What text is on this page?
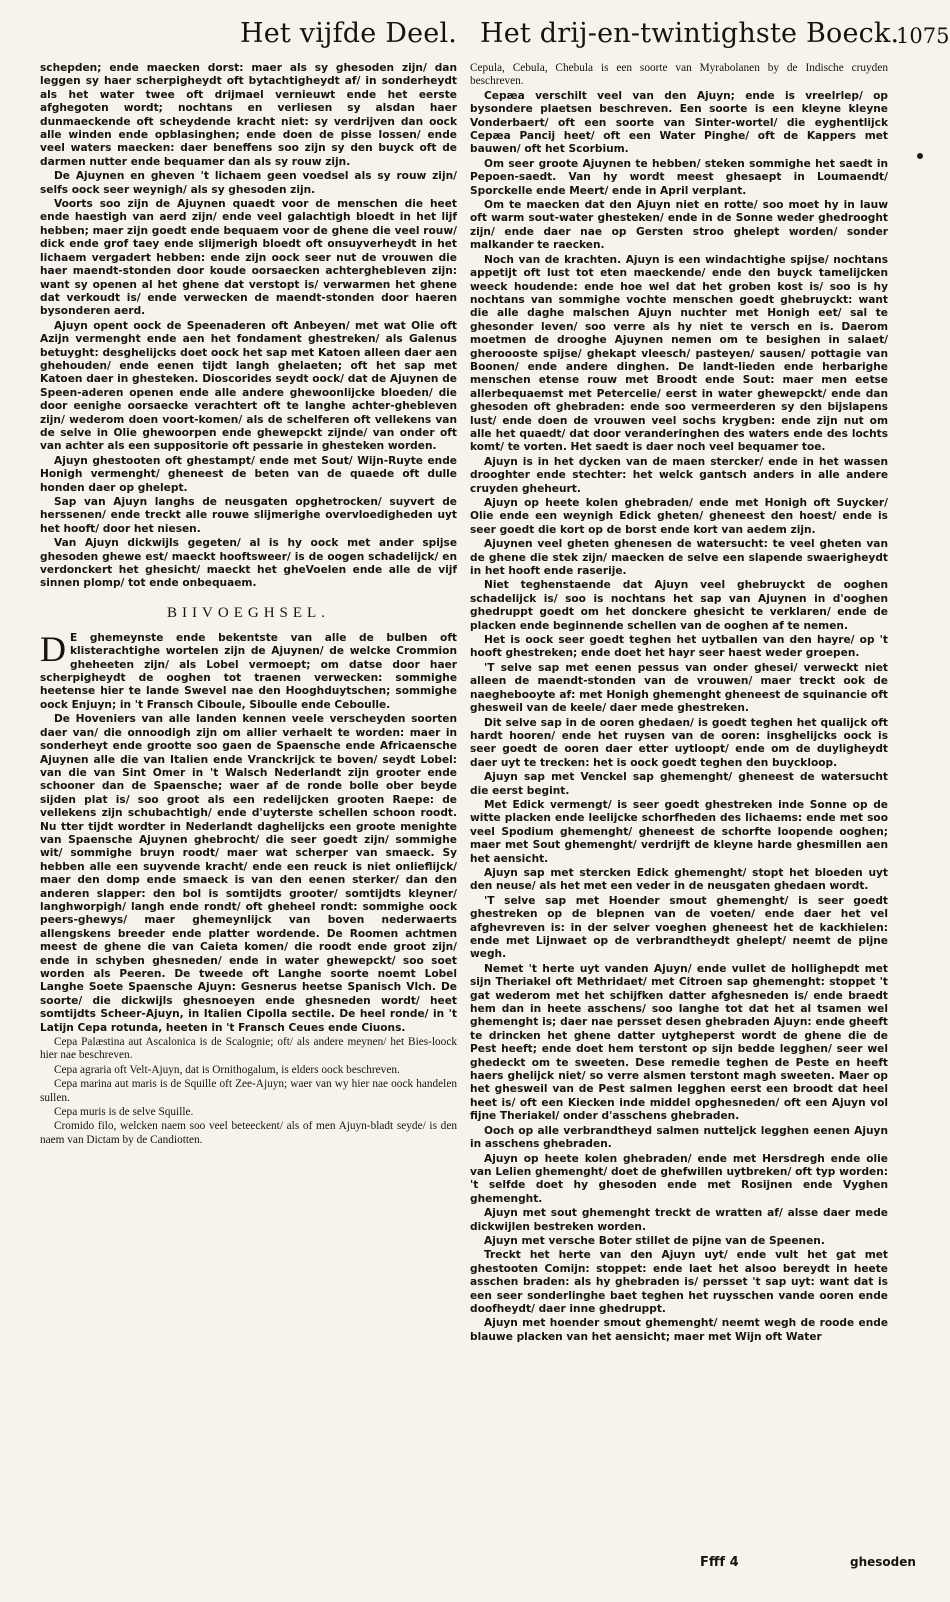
Het vijfde Deel. Het drij-en-twintighste Boeck.
1075

schepden; ende maecken dorst: maer als sy ghesoden zijn/ dan leggen sy haer scherpigheydt oft bytachtigheydt af/ in sonderheydt als het water twee oft drijmael vernieuwt ende het eerste afghegoten wordt; nochtans en verliesen sy alsdan haer dunmaeckende oft scheydende kracht niet: sy verdrijven dan oock alle winden ende opblasinghen; ende doen de pisse lossen/ ende veel waters maecken: daer beneffens soo zijn sy den buyck oft de darmen nutter ende bequamer dan als sy rouw zijn.

De Ajuynen en gheven 't lichaem geen voedsel als sy rouw zijn/ selfs oock seer weynigh/ als sy ghesoden zijn.

Voorts soo zijn de Ajuynen quaedt voor de menschen die heet ende haestigh van aerd zijn/ ende veel galachtigh bloedt in het lijf hebben; maer zijn goedt ende bequaem voor de ghene die veel rouw/ dick ende grof taey ende slijmerigh bloedt oft onsuyverheydt in het lichaem vergadert hebben: ende zijn oock seer nut de vrouwen die haer maendt-stonden door koude oorsaecken achterghebleven zijn: want sy openen al het ghene dat verstopt is/ verwarmen het ghene dat verkoudt is/ ende verwecken de maendt-stonden door haeren bysonderen aerd.

Ajuyn opent oock de Speenaderen oft Anbeyen/ met wat Olie oft Azijn vermenght ende aen het fondament ghestreken/ als Galenus betuyght: desghelijcks doet oock het sap met Katoen alleen daer aen ghehouden/ ende eenen tijdt langh ghelaeten; oft het sap met Katoen daer in ghesteken. Dioscorides seydt oock/ dat de Ajuynen de Speen-aderen openen ende alle andere ghewoonlijcke bloeden/ die door eenighe oorsaecke verachtert oft te langhe achter-ghebleven zijn/ wederom doen voort-komen/ als de schelferen oft vellekens van de selve in Olie ghewoorpen ende ghewepckt zijnde/ van onder oft van achter als een suppositorie oft pessarie in ghesteken worden.

Ajuyn ghestooten oft ghestampt/ ende met Sout/ Wijn-Ruyte ende Honigh vermenght/ gheneest de beten van de quaede oft dulle honden daer op ghelept.

Sap van Ajuyn langhs de neusgaten opghetrocken/ suyvert de herssenen/ ende treckt alle rouwe slijmerighe overvloedigheden uyt het hooft/ door het niesen.

Van Ajuyn dickwijls gegeten/ al is hy oock met ander spijse ghesoden ghewe est/ maeckt hooftsweer/ is de oogen schadelijck/ en verdonckert het ghesicht/ maeckt het gheVoelen ende alle de vijf sinnen plomp/ tot ende onbequaem.

BIIVOEGHSEL.
D E ghemeynste ende bekentste van alle de bulben oft klisterachtighe wortelen zijn de Ajuynen/ de welcke Crommion gheheeten zijn/ als Lobel vermoept; om datse door haer scherpigheydt de ooghen tot traenen verwecken: sommighe heetense hier te lande Swevel nae den Hooghduytschen; sommighe oock Enjuyn; in 't Fransch Ciboule, Siboulle ende Ceboulle.

De Hoveniers van alle landen kennen veele verscheyden soorten daer van/ die onnoodigh zijn om allier verhaelt te worden: maer in sonderheyt ende grootte soo gaen de Spaensche ende Africaensche Ajuynen alle die van Italien ende Vranckrijck te boven/ seydt Lobel: van die van Sint Omer in 't Walsch Nederlandt zijn grooter ende schooner dan de Spaensche; waer af de ronde bolle ober beyde sijden plat is/ soo groot als een redelijcken grooten Raepe: de vellekens zijn schubachtigh/ ende d'uyterste schellen schoon roodt. Nu tter tijdt wordter in Nederlandt daghelijcks een groote menighte van Spaensche Ajuynen ghebrocht/ die seer goedt zijn/ sommighe wit/ sommighe bruyn roodt/ maer wat scherper van smaeck. Sy hebben alle een suyvende kracht/ ende een reuck is niet onlieflijck/ maer den domp ende smaeck is van den eenen sterker/ dan den anderen slapper: den bol is somtijdts grooter/ somtijdts kleyner/ langhworpigh/ langh ende rondt/ oft gheheel rondt: sommighe oock peers-ghewys/ maer ghemeynlijck van boven nederwaerts allengskens breeder ende platter wordende. De Roomen achtmen meest de ghene die van Caieta komen/ die roodt ende groot zijn/ ende in schyben ghesneden/ ende in water ghewepckt/ soo soet worden als Peeren. De tweede oft Langhe soorte noemt Lobel Langhe Soete Spaensche Ajuyn: Gesnerus heetse Spanisch Vlch. De soorte/ die dickwijls ghesnoeyen ende ghesneden wordt/ heet somtijdts Scheer-Ajuyn, in Italien Cipolla sectile. De heel ronde/ in 't Latijn Cepa rotunda, heeten in 't Fransch Ceues ende Ciuons.

Cepa Palæstina aut Ascalonica is de Scalognie; oft/ als andere meynen/ het Bies-loock hier nae beschreven.

Cepa agraria oft Velt-Ajuyn, dat is Ornithogalum, is elders oock beschreven.

Cepa marina aut maris is de Squille oft Zee-Ajuyn; waer van wy hier nae oock handelen sullen.

Cepa muris is de selve Squille.

Cromido filo, welcken naem soo veel beteeckent/ als of men Ajuyn-bladt seyde/ is den naem van Dictam by de Candiotten.

Cepula, Cebula, Chebula is een soorte van Myrabolanen by de Indische cruyden beschreven.

Cepæa verschilt veel van den Ajuyn; ende is vreelrlep/ op bysondere plaetsen beschreven. Een soorte is een kleyne kleyne Vonderbaert/ oft een soorte van Sinter-wortel/ die eyghentlijck Cepæa Pancij heet/ oft een Water Pinghe/ oft de Kappers met bauwen/ oft het Scorbium.

Om seer groote Ajuynen te hebben/ steken sommighe het saedt in Pepoen-saedt. Van hy wordt meest ghesaept in Loumaendt/ Sporckelle ende Meert/ ende in April verplant.

Om te maecken dat den Ajuyn niet en rotte/ soo moet hy in lauw oft warm sout-water ghesteken/ ende in de Sonne weder ghedrooght zijn/ ende daer nae op Gersten stroo ghelept worden/ sonder malkander te raecken.

Noch van de krachten. Ajuyn is een windachtighe spijse/ nochtans appetijt oft lust tot eten maeckende/ ende den buyck tamelijcken weeck houdende: ende hoe wel dat het groben kost is/ soo is hy nochtans van sommighe vochte menschen goedt ghebruyckt: want die alle daghe malschen Ajuyn nuchter met Honigh eet/ sal te ghesonder leven/ soo verre als hy niet te versch en is. Daerom moetmen de drooghe Ajuynen nemen om te besighen in salaet/ gheroooste spijse/ ghekapt vleesch/ pasteyen/ sausen/ pottagie van Boonen/ ende andere dinghen. De landt-lieden ende herbarighe menschen etense rouw met Broodt ende Sout: maer men eetse allerbequaemst met Petercelie/ eerst in water ghewepckt/ ende dan ghesoden oft ghebraden: ende soo vermeerderen sy den bijslapens lust/ ende doen de vrouwen veel sochs krygben: ende zijn nut om alle het quaedt/ dat door veranderinghen des waters ende des lochts komt/ te vorten. Het saedt is daer noch veel bequamer toe.

Ajuyn is in het dycken van de maen stercker/ ende in het wassen drooghter ende stechter: het welck gantsch anders in alle andere cruyden gheheurt.

Ajuyn op heete kolen ghebraden/ ende met Honigh oft Suycker/ Olie ende een weynigh Edick gheten/ gheneest den hoest/ ende is seer goedt die kort op de borst ende kort van aedem zijn.

Ajuynen veel gheten ghenesen de watersucht: te veel gheten van de ghene die stek zijn/ maecken de selve een slapende swaerigheydt in het hooft ende raserije.

Niet teghenstaende dat Ajuyn veel ghebruyckt de ooghen schadelijck is/ soo is nochtans het sap van Ajuynen in d'ooghen ghedruppt goedt om het donckere ghesicht te verklaren/ ende de placken ende beginnende schellen van de ooghen af te nemen.

Het is oock seer goedt teghen het uytballen van den hayre/ op 't hooft ghestreken; ende doet het hayr seer haest weder groepen.

'T selve sap met eenen pessus van onder ghesei/ verweckt niet alleen de maendt-stonden van de vrouwen/ maer treckt ook de naeghebooyte af: met Honigh ghemenght gheneest de squinancie oft ghesweil van de keele/ daer mede ghestreken.

Dit selve sap in de ooren ghedaen/ is goedt teghen het qualijck oft hardt hooren/ ende het ruysen van de ooren: insghelijcks oock is seer goedt de ooren daer etter uytloopt/ ende om de duyligheydt daer uyt te trecken: het is oock goedt teghen den buyckloop.

Ajuyn sap met Venckel sap ghemenght/ gheneest de watersucht die eerst begint.

Met Edick vermengt/ is seer goedt ghestreken inde Sonne op de witte placken ende leelijcke schorfheden des lichaems: ende met soo veel Spodium ghemenght/ gheneest de schorfte loopende ooghen; maer met Sout ghemenght/ verdrijft de kleyne harde ghesmillen aen het aensicht.

Ajuyn sap met stercken Edick ghemenght/ stopt het bloeden uyt den neuse/ als het met een veder in de neusgaten ghedaen wordt.

'T selve sap met Hoender smout ghemenght/ is seer goedt ghestreken op de blepnen van de voeten/ ende daer het vel afghevreven is: in der selver voeghen gheneest het de kackhielen: ende met Lijnwaet op de verbrandtheydt ghelept/ neemt de pijne wegh.

Nemet 't herte uyt vanden Ajuyn/ ende vullet de hollighepdt met sijn Theriakel oft Methridaet/ met Citroen sap ghemenght: stoppet 't gat wederom met het schijfken datter afghesneden is/ ende braedt hem dan in heete asschens/ soo langhe tot dat het al tsamen wel ghemenght is; daer nae persset desen ghebraden Ajuyn: ende gheeft te drincken het ghene datter uytgheperst wordt de ghene die de Pest heeft; ende doet hem terstont op sijn bedde legghen/ seer wel ghedeckt om te sweeten. Dese remedie teghen de Peste en heeft haers ghelijck niet/ so verre alsmen terstont magh sweeten. Maer op het ghesweil van de Pest salmen legghen eerst een broodt dat heel heet is/ oft een Kiecken inde middel opghesneden/ oft een Ajuyn vol fijne Theriakel/ onder d'asschens ghebraden.

Ooch op alle verbrandtheyd salmen nutteljck legghen eenen Ajuyn in asschens ghebraden.

Ajuyn op heete kolen ghebraden/ ende met Hersdregh ende olie van Lelien ghemenght/ doet de ghefwillen uytbreken/ oft typ worden: 't selfde doet hy ghesoden ende met Rosijnen ende Vyghen ghemenght.

Ajuyn met sout ghemenght treckt de wratten af/ alsse daer mede dickwijlen bestreken worden.

Ajuyn met versche Boter stillet de pijne van de Speenen.

Treckt het herte van den Ajuyn uyt/ ende vult het gat met ghestooten Comijn: stoppet: ende laet het alsoo bereydt in heete asschen braden: als hy ghebraden is/ persset 't sap uyt: want dat is een seer sonderlinghe baet teghen het ruysschen vande ooren ende doofheydt/ daer inne ghedruppt.

Ajuyn met hoender smout ghemenght/ neemt wegh de roode ende blauwe placken van het aensicht; maer met Wijn oft Water

Ffff 4	ghesoden
